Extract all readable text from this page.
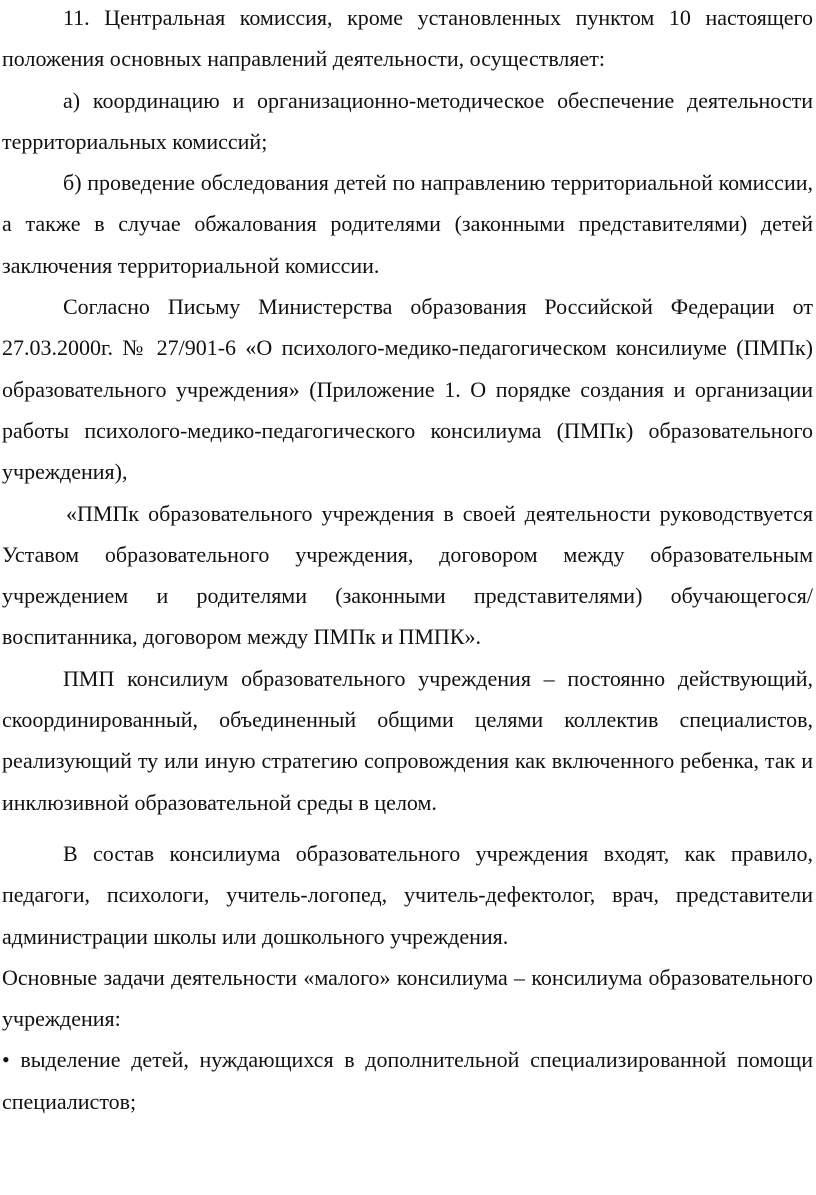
11. Центральная комиссия, кроме установленных пунктом 10 настоящего положения основных направлений деятельности, осуществляет:

а) координацию и организационно-методическое обеспечение деятельности территориальных комиссий;

б) проведение обследования детей по направлению территориальной комиссии, а также в случае обжалования родителями (законными представителями) детей заключения территориальной комиссии.

Согласно Письму Министерства образования Российской Федерации от 27.03.2000г. № 27/901-6 «О психолого-медико-педагогическом консилиуме (ПМПк) образовательного учреждения» (Приложение 1. О порядке создания и организации работы психолого-медико-педагогического консилиума (ПМПк) образовательного учреждения),

«ПМПк образовательного учреждения в своей деятельности руководствуется Уставом образовательного учреждения, договором между образовательным учреждением и родителями (законными представителями) обучающегося/ воспитанника, договором между ПМПк и ПМПК».

ПМП консилиум образовательного учреждения – постоянно действующий, скоординированный, объединенный общими целями коллектив специалистов, реализующий ту или иную стратегию сопровождения как включенного ребенка, так и инклюзивной образовательной среды в целом.

В состав консилиума образовательного учреждения входят, как правило, педагоги, психологи, учитель-логопед, учитель-дефектолог, врач, представители администрации школы или дошкольного учреждения.

Основные задачи деятельности «малого» консилиума – консилиума образовательного учреждения:

• выделение детей, нуждающихся в дополнительной специализированной помощи специалистов;
